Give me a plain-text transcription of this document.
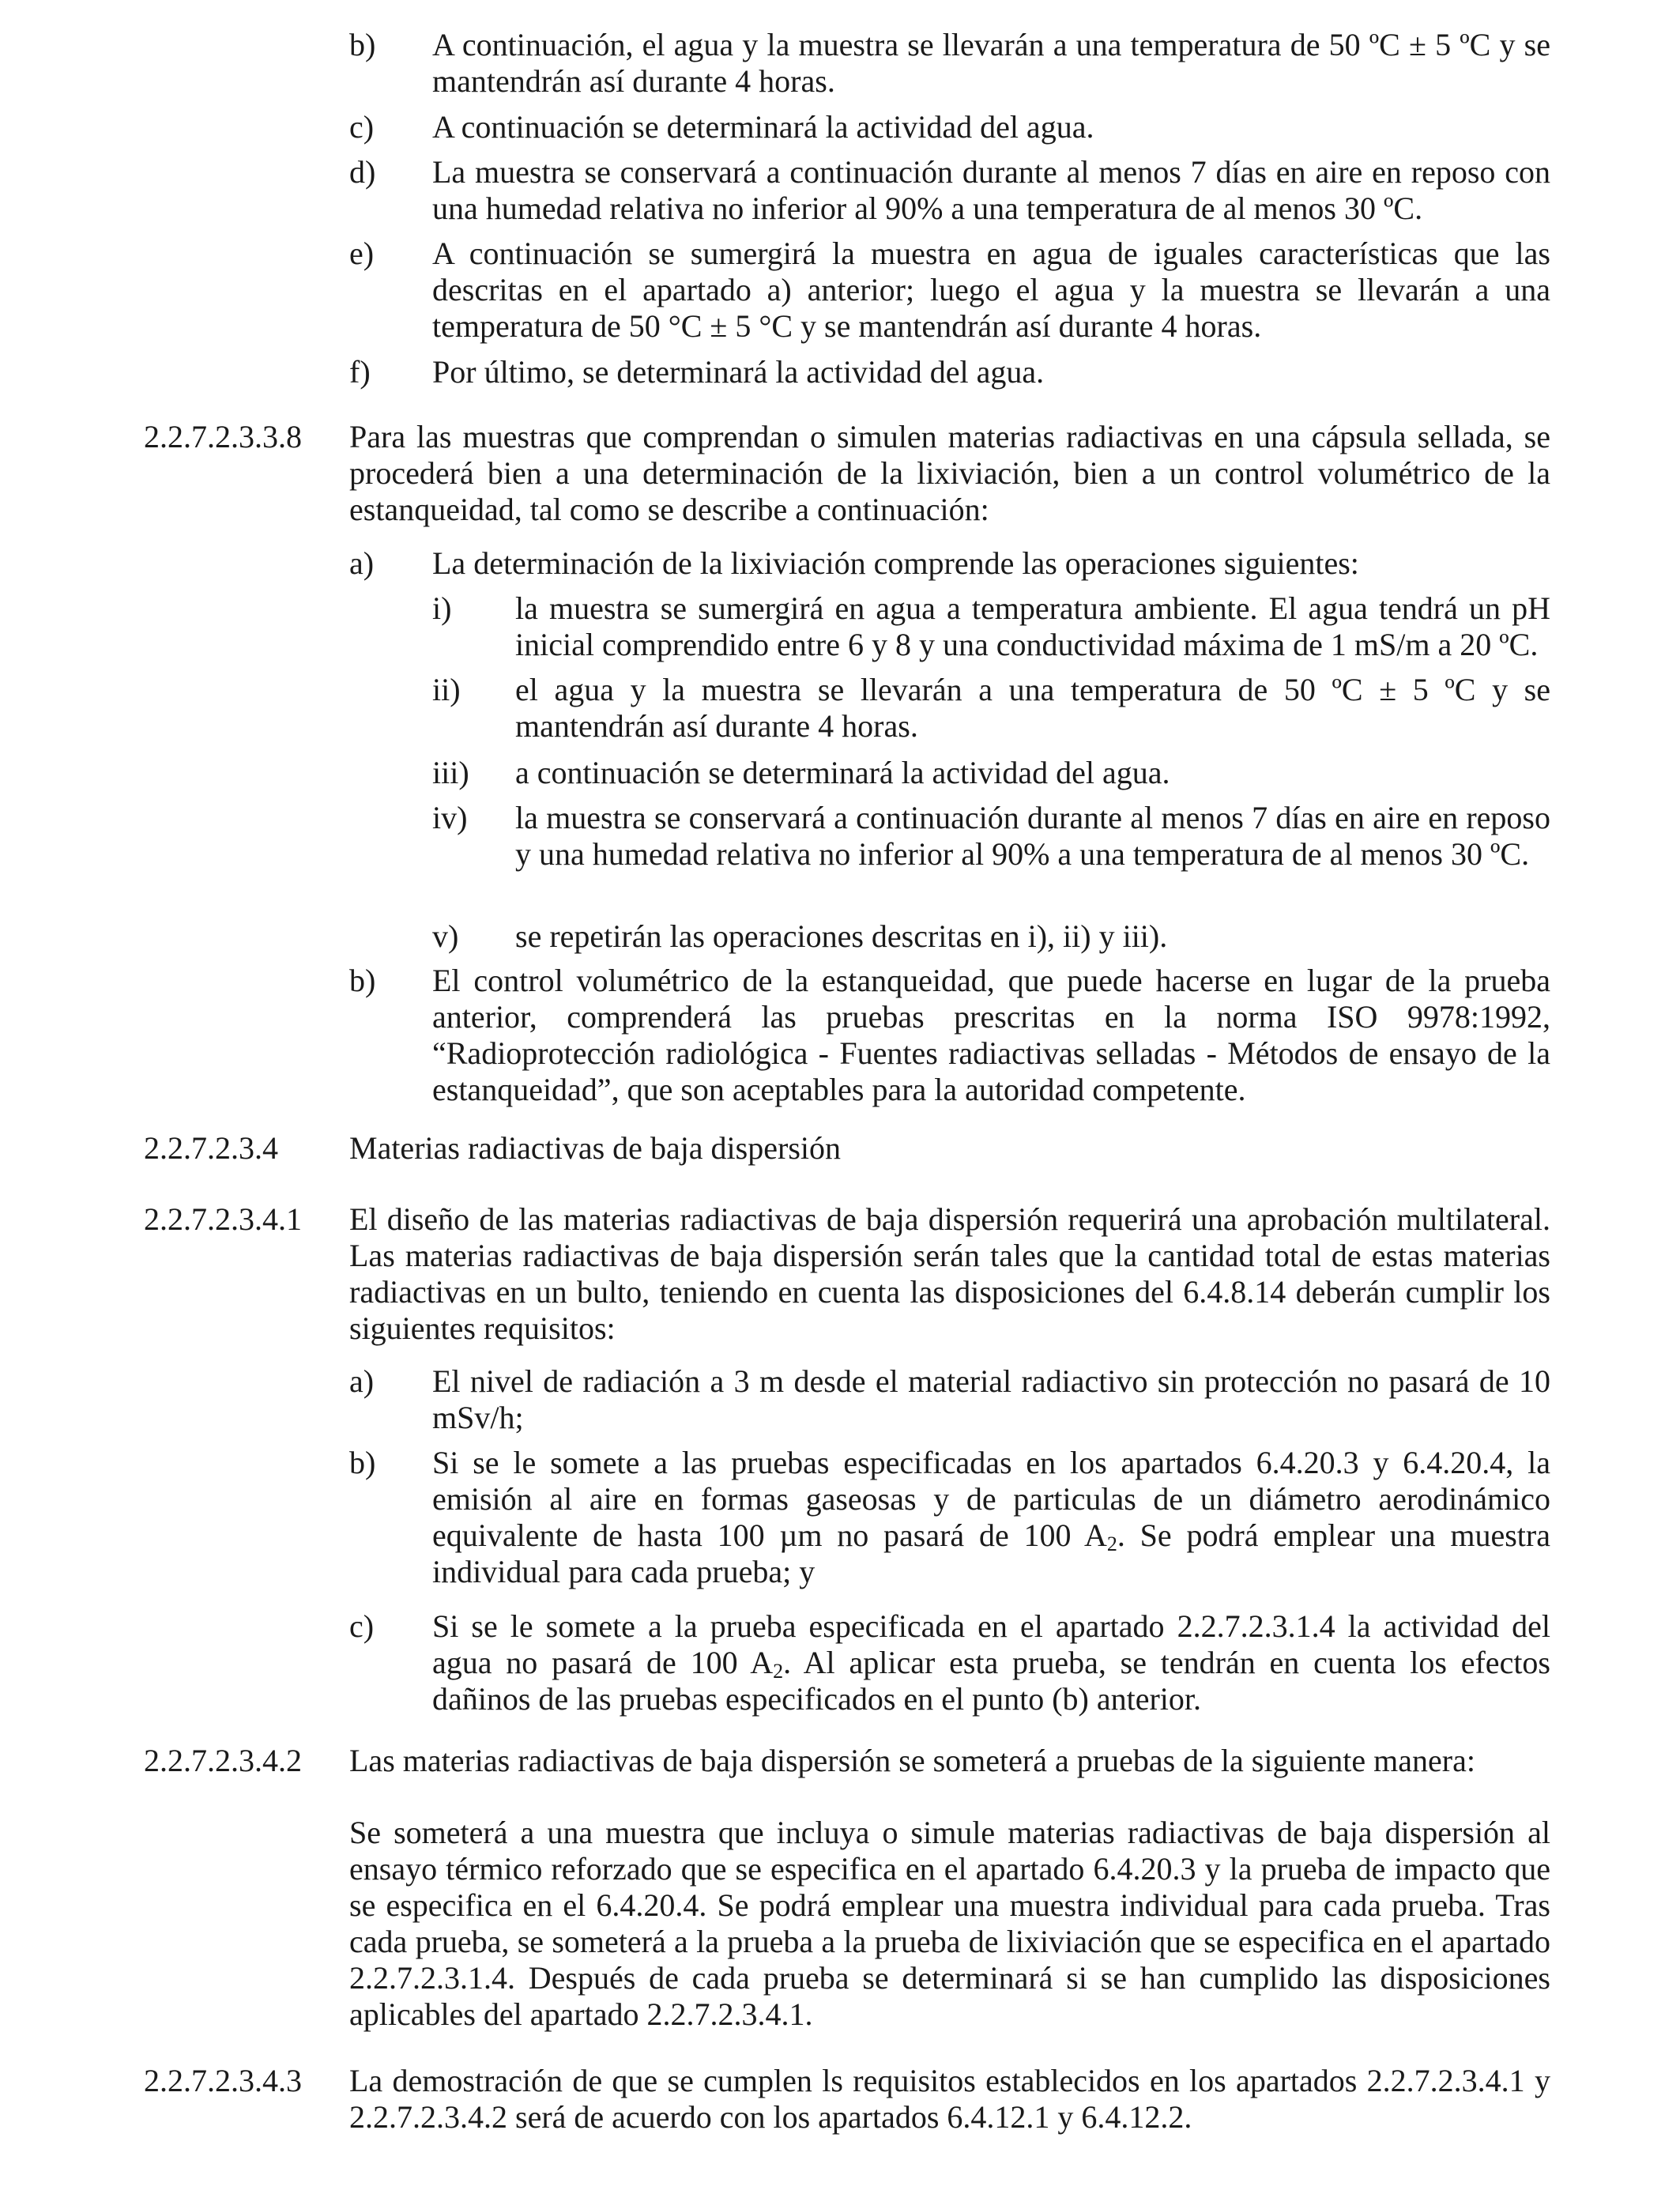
b) A continuación, el agua y la muestra se llevarán a una temperatura de 50 ºC ± 5 ºC y se mantendrán así durante 4 horas.
c) A continuación se determinará la actividad del agua.
d) La muestra se conservará a continuación durante al menos 7 días en aire en reposo con una humedad relativa no inferior al 90% a una temperatura de al menos 30 ºC.
e) A continuación se sumergirá la muestra en agua de iguales características que las descritas en el apartado a) anterior; luego el agua y la muestra se llevarán a una temperatura de 50 °C ± 5 °C y se mantendrán así durante 4 horas.
f) Por último, se determinará la actividad del agua.
2.2.7.2.3.3.8 Para las muestras que comprendan o simulen materias radiactivas en una cápsula sellada, se procederá bien a una determinación de la lixiviación, bien a un control volumétrico de la estanqueidad, tal como se describe a continuación:
a) La determinación de la lixiviación comprende las operaciones siguientes:
i) la muestra se sumergirá en agua a temperatura ambiente. El agua tendrá un pH inicial comprendido entre 6 y 8 y una conductividad máxima de 1 mS/m a 20 ºC.
ii) el agua y la muestra se llevarán a una temperatura de 50 ºC ± 5 ºC y se mantendrán así durante 4 horas.
iii) a continuación se determinará la actividad del agua.
iv) la muestra se conservará a continuación durante al menos 7 días en aire en reposo y una humedad relativa no inferior al 90% a una temperatura de al menos 30 ºC.
v) se repetirán las operaciones descritas en i), ii) y iii).
b) El control volumétrico de la estanqueidad, que puede hacerse en lugar de la prueba anterior, comprenderá las pruebas prescritas en la norma ISO 9978:1992, “Radioprotección radiológica - Fuentes radiactivas selladas - Métodos de ensayo de la estanqueidad”, que son aceptables para la autoridad competente.
2.2.7.2.3.4 Materias radiactivas de baja dispersión
2.2.7.2.3.4.1 El diseño de las materias radiactivas de baja dispersión requerirá una aprobación multilateral. Las materias radiactivas de baja dispersión serán tales que la cantidad total de estas materias radiactivas en un bulto, teniendo en cuenta las disposiciones del 6.4.8.14 deberán cumplir los siguientes requisitos:
a) El nivel de radiación a 3 m desde el material radiactivo sin protección no pasará de 10 mSv/h;
b) Si se le somete a las pruebas especificadas en los apartados 6.4.20.3 y 6.4.20.4, la emisión al aire en formas gaseosas y de particulas de un diámetro aerodinámico equivalente de hasta 100 µm no pasará de 100 $A_2$. Se podrá emplear una muestra individual para cada prueba; y
c) Si se le somete a la prueba especificada en el apartado 2.2.7.2.3.1.4 la actividad del agua no pasará de 100 $A_2$. Al aplicar esta prueba, se tendrán en cuenta los efectos dañinos de las pruebas especificados en el punto (b) anterior.
2.2.7.2.3.4.2 Las materias radiactivas de baja dispersión se someterá a pruebas de la siguiente manera:
Se someterá a una muestra que incluya o simule materias radiactivas de baja dispersión al ensayo térmico reforzado que se especifica en el apartado 6.4.20.3 y la prueba de impacto que se especifica en el 6.4.20.4. Se podrá emplear una muestra individual para cada prueba. Tras cada prueba, se someterá a la prueba a la prueba de lixiviación que se especifica en el apartado 2.2.7.2.3.1.4. Después de cada prueba se determinará si se han cumplido las disposiciones aplicables del apartado 2.2.7.2.3.4.1.
2.2.7.2.3.4.3 La demostración de que se cumplen ls requisitos establecidos en los apartados 2.2.7.2.3.4.1 y 2.2.7.2.3.4.2 será de acuerdo con los apartados 6.4.12.1 y 6.4.12.2.
